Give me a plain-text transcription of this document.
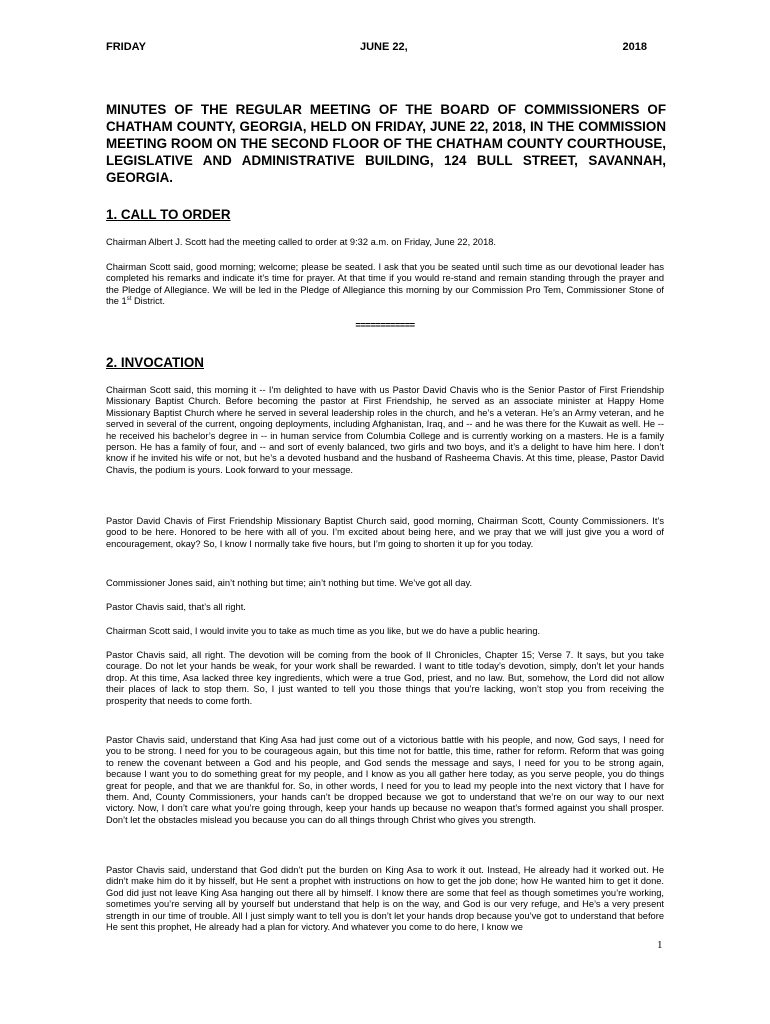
FRIDAY	JUNE 22,	2018

MINUTES OF THE REGULAR MEETING OF THE BOARD OF COMMISSIONERS OF CHATHAM COUNTY, GEORGIA, HELD ON FRIDAY, JUNE 22, 2018, IN THE COMMISSION MEETING ROOM ON THE SECOND FLOOR OF THE CHATHAM COUNTY COURTHOUSE, LEGISLATIVE AND ADMINISTRATIVE BUILDING, 124 BULL STREET, SAVANNAH, GEORGIA.

1. CALL TO ORDER

Chairman Albert J. Scott had the meeting called to order at 9:32 a.m. on Friday, June 22, 2018.

Chairman Scott said, good morning; welcome; please be seated. I ask that you be seated until such time as our devotional leader has completed his remarks and indicate it’s time for prayer. At that time if you would re-stand and remain standing through the prayer and the Pledge of Allegiance. We will be led in the Pledge of Allegiance this morning by our Commission Pro Tem, Commissioner Stone of the 1st District.

============

2. INVOCATION

Chairman Scott said, this morning it -- I'm delighted to have with us Pastor David Chavis who is the Senior Pastor of First Friendship Missionary Baptist Church. Before becoming the pastor at First Friendship, he served as an associate minister at Happy Home Missionary Baptist Church where he served in several leadership roles in the church, and he’s a veteran. He’s an Army veteran, and he served in several of the current, ongoing deployments, including Afghanistan, Iraq, and -- and he was there for the Kuwait as well. He -- he received his bachelor’s degree in -- in human service from Columbia College and is currently working on a masters. He is a family person. He has a family of four, and -- and sort of evenly balanced, two girls and two boys, and it’s a delight to have him here. I don’t know if he invited his wife or not, but he’s a devoted husband and the husband of Rasheema Chavis. At this time, please, Pastor David Chavis, the podium is yours. Look forward to your message.

Pastor David Chavis of First Friendship Missionary Baptist Church said, good morning, Chairman Scott, County Commissioners. It’s good to be here. Honored to be here with all of you. I’m excited about being here, and we pray that we will just give you a word of encouragement, okay? So, I know I normally take five hours, but I’m going to shorten it up for you today.

Commissioner Jones said, ain’t nothing but time; ain’t nothing but time. We’ve got all day.

Pastor Chavis said, that’s all right.

Chairman Scott said, I would invite you to take as much time as you like, but we do have a public hearing.

Pastor Chavis said, all right. The devotion will be coming from the book of II Chronicles, Chapter 15; Verse 7. It says, but you take courage. Do not let your hands be weak, for your work shall be rewarded. I want to title today’s devotion, simply, don’t let your hands drop. At this time, Asa lacked three key ingredients, which were a true God, priest, and no law. But, somehow, the Lord did not allow their places of lack to stop them. So, I just wanted to tell you those things that you’re lacking, won’t stop you from receiving the prosperity that needs to come forth.

Pastor Chavis said, understand that King Asa had just come out of a victorious battle with his people, and now, God says, I need for you to be strong. I need for you to be courageous again, but this time not for battle, this time, rather for reform. Reform that was going to renew the covenant between a God and his people, and God sends the message and says, I need for you to be strong again, because I want you to do something great for my people, and I know as you all gather here today, as you serve people, you do things great for people, and that we are thankful for. So, in other words, I need for you to lead my people into the next victory that I have for them. And, County Commissioners, your hands can’t be dropped because we got to understand that we’re on our way to our next victory. Now, I don’t care what you’re going through, keep your hands up because no weapon that’s formed against you shall prosper. Don’t let the obstacles mislead you because you can do all things through Christ who gives you strength.

Pastor Chavis said, understand that God didn’t put the burden on King Asa to work it out. Instead, He already had it worked out. He didn’t make him do it by hisself, but He sent a prophet with instructions on how to get the job done; how He wanted him to get it done. God did just not leave King Asa hanging out there all by himself. I know there are some that feel as though sometimes you’re working, sometimes you’re serving all by yourself but understand that help is on the way, and God is our very refuge, and He’s a very present strength in our time of trouble. All I just simply want to tell you is don’t let your hands drop because you’ve got to understand that before He sent this prophet, He already had a plan for victory. And whatever you come to do here, I know we

1
